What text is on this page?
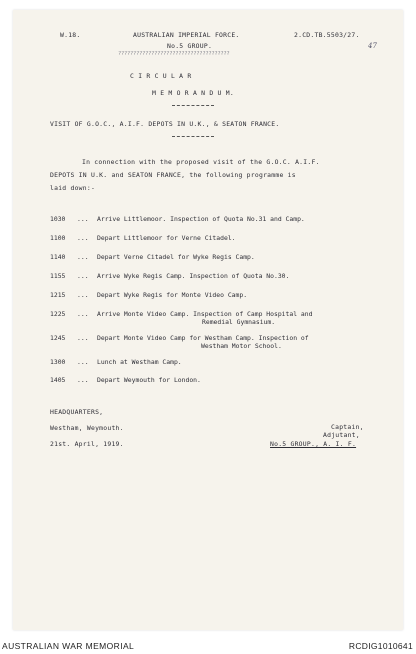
W.18.	AUSTRALIAN IMPERIAL FORCE.	2.CD.TB.5503/27.
No.5 GROUP.
?????????????????????????????????????
47
C I R C U L A R
M E M O R A N D U M.
VISIT OF G.O.C., A.I.F. DEPOTS IN U.K., & SEATON FRANCE.
In connection with the proposed visit of the G.O.C. A.I.F.
DEPOTS IN U.K. and SEATON FRANCE, the following programme is
laid down:-
1030 ... Arrive Littlemoor. Inspection of Quota No.31 and Camp.
1100 ... Depart Littlemoor for Verne Citadel.
1140 ... Depart Verne Citadel for Wyke Regis Camp.
1155 ... Arrive Wyke Regis Camp. Inspection of Quota No.30.
1215 ... Depart Wyke Regis for Monte Video Camp.
1225 ... Arrive Monte Video Camp. Inspection of Camp Hospital and
Remedial Gymnasium.
1245 ... Depart Monte Video Camp for Westham Camp. Inspection of
Westham Motor School.
1300 ... Lunch at Westham Camp.
1405 ... Depart Weymouth for London.
HEADQUARTERS,
Westham, Weymouth.
21st. April, 1919.
Captain,
Adjutant,
No.5 GROUP., A. I. F.
AUSTRALIAN WAR MEMORIAL	RCDIG1010641
